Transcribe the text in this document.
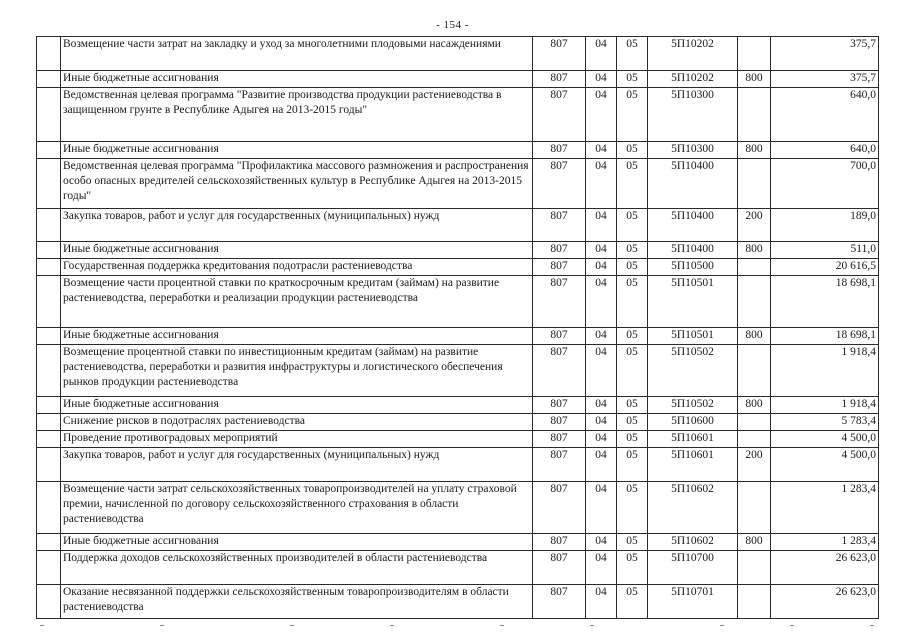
- 154 -
	Возмещение части затрат на закладку и уход за многолетними плодовыми насаждениями	807	04	05	5П10202		375,7
	Иные бюджетные ассигнования	807	04	05	5П10202	800	375,7
	Ведомственная целевая программа "Развитие производства продукции растениеводства в защищенном грунте в Республике Адыгея на 2013-2015 годы"	807	04	05	5П10300		640,0
	Иные бюджетные ассигнования	807	04	05	5П10300	800	640,0
	Ведомственная целевая программа "Профилактика массового размножения и распространения особо опасных вредителей сельскохозяйственных культур в Республике Адыгея на 2013-2015 годы"	807	04	05	5П10400		700,0
	Закупка товаров, работ и услуг для государственных (муниципальных) нужд	807	04	05	5П10400	200	189,0
	Иные бюджетные ассигнования	807	04	05	5П10400	800	511,0
	Государственная поддержка кредитования подотрасли растениеводства	807	04	05	5П10500		20 616,5
	Возмещение части процентной ставки по краткосрочным кредитам (займам) на развитие растениеводства, переработки и реализации продукции растениеводства	807	04	05	5П10501		18 698,1
	Иные бюджетные ассигнования	807	04	05	5П10501	800	18 698,1
	Возмещение процентной ставки по инвестиционным кредитам (займам) на развитие растениеводства, переработки и развития инфраструктуры и логистического обеспечения рынков продукции растениеводства	807	04	05	5П10502		1 918,4
	Иные бюджетные ассигнования	807	04	05	5П10502	800	1 918,4
	Снижение рисков в подотраслях растениеводства	807	04	05	5П10600		5 783,4
	Проведение противоградовых мероприятий	807	04	05	5П10601		4 500,0
	Закупка товаров, работ и услуг для государственных (муниципальных) нужд	807	04	05	5П10601	200	4 500,0
	Возмещение части затрат сельскохозяйственных товаропроизводителей на уплату страховой премии, начисленной по договору сельскохозяйственного страхования в области растениеводства	807	04	05	5П10602		1 283,4
	Иные бюджетные ассигнования	807	04	05	5П10602	800	1 283,4
	Поддержка доходов сельскохозяйственных производителей в области растениеводства	807	04	05	5П10700		26 623,0
	Оказание несвязанной поддержки сельскохозяйственным товаропроизводителям в области растениеводства	807	04	05	5П10701		26 623,0
